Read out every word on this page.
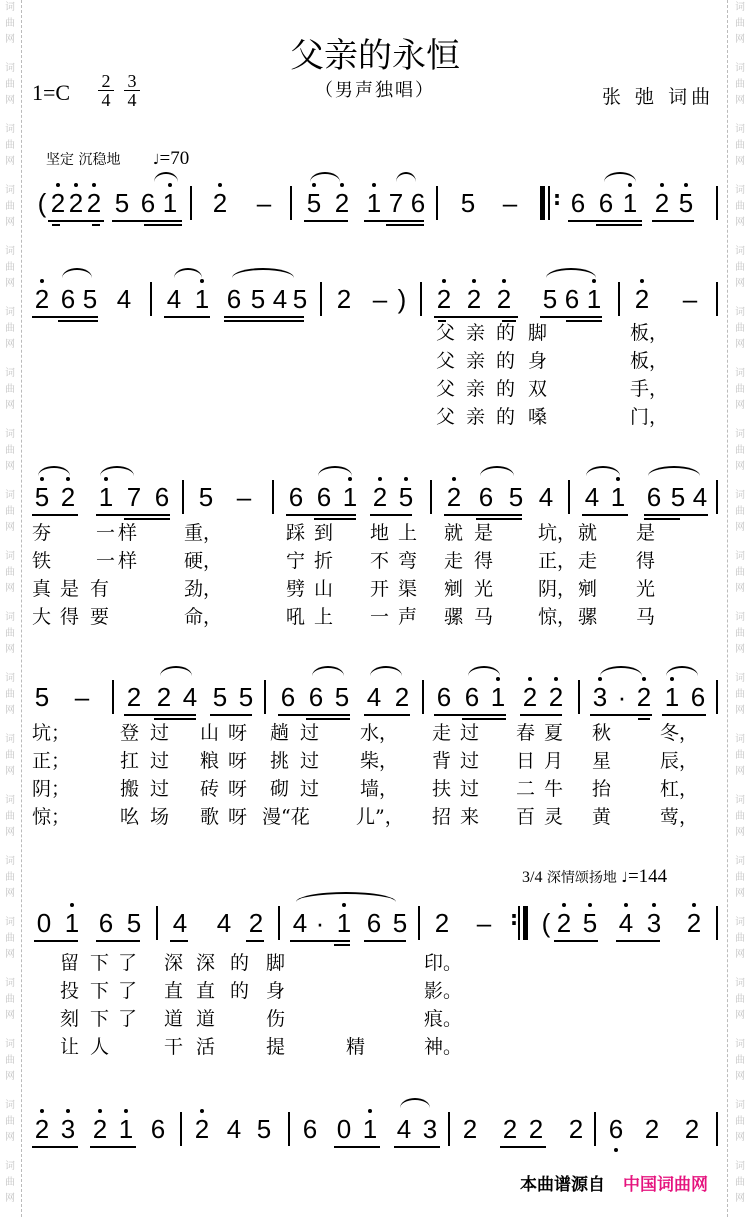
词
曲
网
词
曲
网
词
曲
网
词
曲
网
词
曲
网
词
曲
网
词
曲
网
词
曲
网
词
曲
网
词
曲
网
词
曲
网
词
曲
网
词
曲
网
词
曲
网
词
曲
网
词
曲
网
词
曲
网
词
曲
网
词
曲
网
词
曲
网
词
曲
网
词
曲
网
词
曲
网
词
曲
网
词
曲
网
词
曲
网
词
曲
网
词
曲
网
词
曲
网
词
曲
网
词
曲
网
词
曲
网
词
曲
网
词
曲
网
词
曲
网
词
曲
网
词
曲
网
词
曲
网
词
曲
网
词
曲
网
父亲的永恒
（男声独唱）
1=C 2
4
3
4	张 弛 词曲
坚定 沉稳地 ♩=70
3/4 深情颂扬地 ♩=144
( 2 2 2 5 6 1 2 – 5 2 1 7 6 5 – : 6 6 1 2 5
2 6 5 4 4 1 6 5 4 5 2 – ) 2 2 2 5 6 1 2 –
父 亲 的 脚	板，
父 亲 的 身	板，
父 亲 的 双	手，
父 亲 的 嗓	门，
5 2 1 7 6 5 – 6 6 1 2 5 2 6 5 4 4 1 6 5 4
夯 一 样 重，	踩 到 地 上 就 是 坑， 就 是
铁 一 样 硬，	宁 折 不 弯 走 得 正， 走 得
真 是 有	劲，	劈 山 开 渠 剜 光 阴， 剜 光
大 得 要	命，	吼 上 一 声 骡 马 惊， 骡 马
5 – 2 2 4 5 5 6 6 5 4 2 6 6 1 2 2 3 · 2 1 6
坑；	登 过 山 呀 趟 过 水， 走 过 春 夏 秋	冬，
正；	扛 过 粮 呀 挑 过 柴， 背 过 日 月 星	辰，
阴；	搬 过 砖 呀 砌 过 墙， 扶 过 二 牛 抬	杠，
惊；	吆 场 歌 呀 漫“花 儿”， 招 来 百 灵 黄	莺，
0 1 6 5 4 4 2 4 · 1 6 5 2 – : ( 2 5 4 3 2
留 下 了 深 深 的 脚	印。
投 下 了 直 直 的 身	影。
刻 下 了 道 道	伤	痕。
让 人	干 活	提	精	神。
2 3 2 1 6 2 4 5 6 0 1 4 3 2 2 2 2 6 2 2
本曲谱源自 中国词曲网
